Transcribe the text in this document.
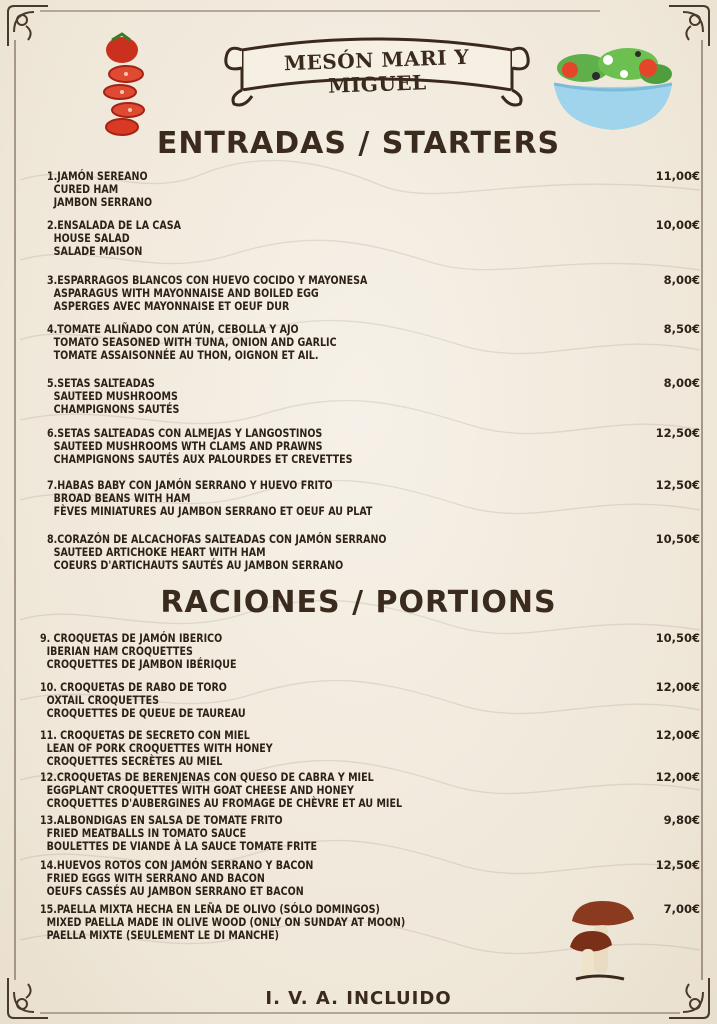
MESÓN MARI Y MIGUEL
ENTRADAS / STARTERS
RACIONES / PORTIONS
1.JAMÓN SEREANO
CURED HAM
JAMBON SERRANO
11,00€
2.ENSALADA DE LA CASA
HOUSE SALAD
SALADE MAISON
10,00€
3.ESPARRAGOS BLANCOS CON HUEVO COCIDO Y MAYONESA
ASPARAGUS WITH MAYONNAISE AND BOILED EGG
ASPERGES AVEC MAYONNAISE ET OEUF DUR
8,00€
4.TOMATE ALIÑADO CON ATÚN, CEBOLLA Y AJO
TOMATO SEASONED WITH TUNA, ONION AND GARLIC
TOMATE ASSAISONNÉE AU THON, OIGNON ET AIL.
8,50€
5.SETAS SALTEADAS
SAUTEED MUSHROOMS
CHAMPIGNONS SAUTÉS
8,00€
6.SETAS SALTEADAS CON ALMEJAS Y LANGOSTINOS
SAUTEED MUSHROOMS WTH CLAMS AND PRAWNS
CHAMPIGNONS SAUTÉS AUX PALOURDES ET CREVETTES
12,50€
7.HABAS BABY CON JAMÓN SERRANO Y HUEVO FRITO
BROAD BEANS WITH HAM
FÈVES MINIATURES AU JAMBON SERRANO ET OEUF AU PLAT
12,50€
8.CORAZÓN DE ALCACHOFAS SALTEADAS CON JAMÓN SERRANO
SAUTEED ARTICHOKE HEART WITH HAM
COEURS D'ARTICHAUTS SAUTÉS AU JAMBON SERRANO
10,50€
9. CROQUETAS DE JAMÓN IBERICO
IBERIAN HAM CROQUETTES
CROQUETTES DE JAMBON IBÉRIQUE
10,50€
10. CROQUETAS DE RABO DE TORO
OXTAIL CROQUETTES
CROQUETTES DE QUEUE DE TAUREAU
12,00€
11. CROQUETAS DE SECRETO CON MIEL
LEAN OF PORK CROQUETTES WITH HONEY
CROQUETTES SECRÈTES AU MIEL
12,00€
12.CROQUETAS DE BERENJENAS CON QUESO DE CABRA Y MIEL
EGGPLANT CROQUETTES WITH GOAT CHEESE AND HONEY
CROQUETTES D'AUBERGINES AU FROMAGE DE CHÈVRE ET AU MIEL
12,00€
13.ALBONDIGAS EN SALSA DE TOMATE FRITO
FRIED MEATBALLS IN TOMATO SAUCE
BOULETTES DE VIANDE À LA SAUCE TOMATE FRITE
9,80€
14.HUEVOS ROTOS CON JAMÓN SERRANO Y BACON
FRIED EGGS WITH SERRANO AND BACON
OEUFS CASSÉS AU JAMBON SERRANO ET BACON
12,50€
15.PAELLA MIXTA HECHA EN LEÑA DE OLIVO (SÓLO DOMINGOS)
MIXED PAELLA MADE IN OLIVE WOOD (ONLY ON SUNDAY AT MOON)
PAELLA MIXTE (SEULEMENT LE DI MANCHE)
7,00€
I. V. A. INCLUIDO
